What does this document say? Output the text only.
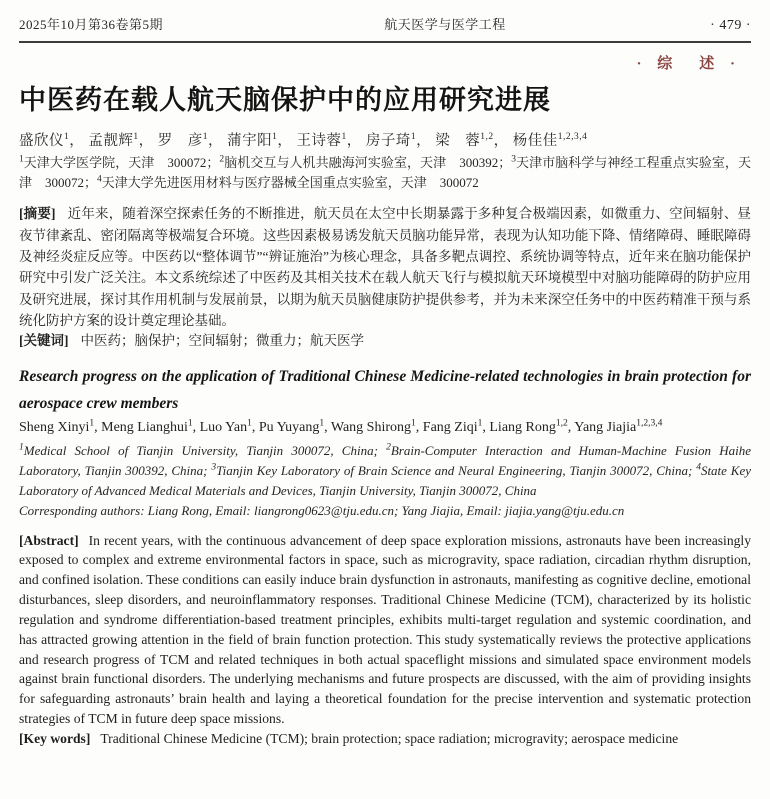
2025年10月第36卷第5期	航天医学与医学工程	· 479 ·
· 综　述 ·
中医药在载人航天脑保护中的应用研究进展

盛欣仪$^1$， 孟靓辉$^1$， 罗　彦$^1$， 蒲宇阳$^1$， 王诗蓉$^1$， 房子琦$^1$， 梁　蓉$^{1,2}$， 杨佳佳$^{1,2,3,4}$

$^1$天津大学医学院，天津　300072；$^2$脑机交互与人机共融海河实验室，天津　300392；$^3$天津市脑科学与神经工程重点实验室，天津　300072；$^4$天津大学先进医用材料与医疗器械全国重点实验室，天津　300072

[摘要] 近年来，随着深空探索任务的不断推进，航天员在太空中长期暴露于多种复合极端因素，如微重力、空间辐射、昼夜节律紊乱、密闭隔离等极端复合环境。这些因素极易诱发航天员脑功能异常，表现为认知功能下降、情绪障碍、睡眠障碍及神经炎症反应等。中医药以“整体调节”“辨证施治”为核心理念，具备多靶点调控、系统协调等特点，近年来在脑功能保护研究中引发广泛关注。本文系统综述了中医药及其相关技术在载人航天飞行与模拟航天环境模型中对脑功能障碍的防护应用及研究进展，探讨其作用机制与发展前景，以期为航天员脑健康防护提供参考，并为未来深空任务中的中医药精准干预与系统化防护方案的设计奠定理论基础。

[关键词] 中医药；脑保护；空间辐射；微重力；航天医学

Research progress on the application of Traditional Chinese Medicine-related technologies in brain protection for aerospace crew members

Sheng Xinyi$^1$, Meng Lianghui$^1$, Luo Yan$^1$, Pu Yuyang$^1$, Wang Shirong$^1$, Fang Ziqi$^1$, Liang Rong$^{1,2}$, Yang Jiajia$^{1,2,3,4}$

$^1$Medical School of Tianjin University, Tianjin 300072, China; $^2$Brain-Computer Interaction and Human-Machine Fusion Haihe Laboratory, Tianjin 300392, China; $^3$Tianjin Key Laboratory of Brain Science and Neural Engineering, Tianjin 300072, China; $^4$State Key Laboratory of Advanced Medical Materials and Devices, Tianjin University, Tianjin 300072, China

Corresponding authors: Liang Rong, Email: liangrong0623@tju.edu.cn; Yang Jiajia, Email: jiajia.yang@tju.edu.cn

[Abstract] In recent years, with the continuous advancement of deep space exploration missions, astronauts have been increasingly exposed to complex and extreme environmental factors in space, such as microgravity, space radiation, circadian rhythm disruption, and confined isolation. These conditions can easily induce brain dysfunction in astronauts, manifesting as cognitive decline, emotional disturbances, sleep disorders, and neuroinflammatory responses. Traditional Chinese Medicine (TCM), characterized by its holistic regulation and syndrome differentiation-based treatment principles, exhibits multi-target regulation and systemic coordination, and has attracted growing attention in the field of brain function protection. This study systematically reviews the protective applications and research progress of TCM and related techniques in both actual spaceflight missions and simulated space environment models against brain functional disorders. The underlying mechanisms and future prospects are discussed, with the aim of providing insights for safeguarding astronauts’ brain health and laying a theoretical foundation for the precise intervention and systematic protection strategies of TCM in future deep space missions.

[Key words] Traditional Chinese Medicine (TCM); brain protection; space radiation; microgravity; aerospace medicine
